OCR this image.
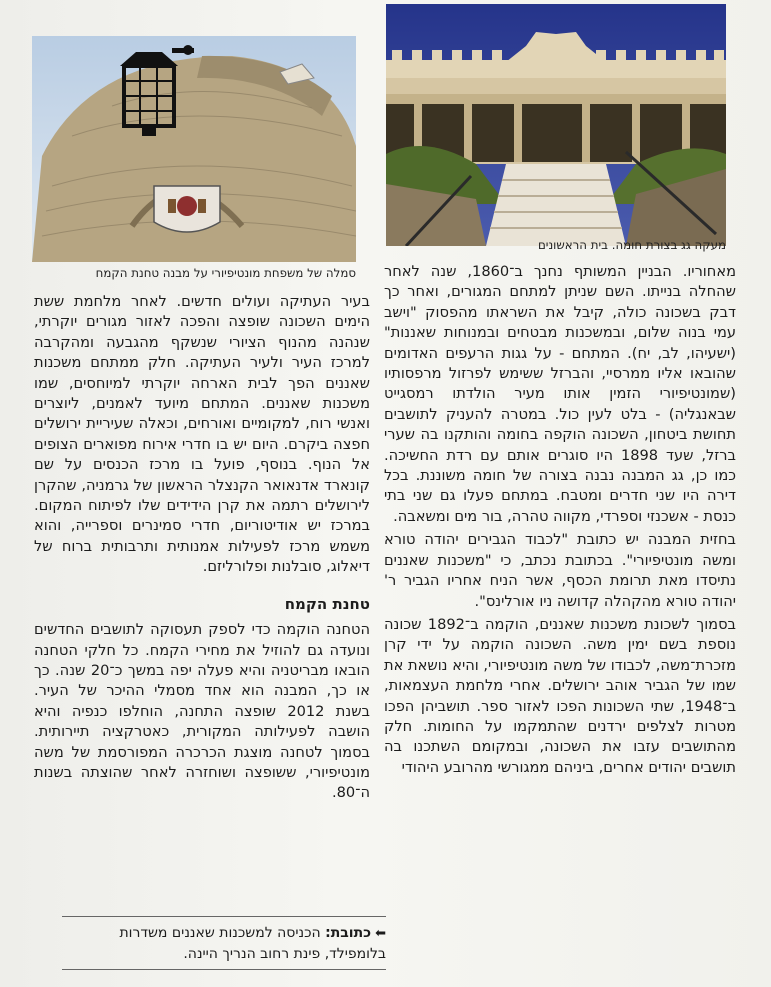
מעקה גג בצורת חומה. בית הראשונים
סמלה של משפחת מונטיפיורי על מבנה טחנת הקמח מאחוריו. הבניין המשותף נחנך ב־1860, שנה לאחר שהחלה בנייתו. השם שניתן למתחם המגורים, ואחר כך דבק בשכונה כולה, קיבל את השראתו מהפסוק "וישב עמי בנוה שלום, ובמשכנות מבטחים ובמנוחות שאננות" (ישעיהו, לב, יח). המתחם - על גגות הרעפים האדומים שהובאו אליו ממרסיי, והברזל ששימש לפרזול מרפסותיו (שמונטיפיורי הזמין אותו מעיר הולדתו רמסגייט שבאנגליה) - בלט לעין כול. במטרה להעניק לתושבים תחושת ביטחון, השכונה הוקפה בחומה והותקנו בה שערי ברזל, שעד 1898 היו סוגרים אותם עם רדת החשיכה. כמו כן, גג המבנה נבנה בצורה של חומה משוננת. בכל דירה היו שני חדרים ומטבח. במתחם פעלו גם שני בתי כנסת - אשכנזי וספרדי, מקווה טהרה, בור מים ומשאבה.

בחזית המבנה יש כתובת "לכבוד הגבירים יהודה טורא ומשה מונטיפיורי". בכתובת נכתב, כי "משכנות שאננים נתיסדו מאת תרומת הכסף, אשר הניח אחריו הגביר ר' יהודה טורא מהקהלה קדושה ניו אורלינס".

בסמוך לשכונת משכנות שאננים, הוקמה ב־1892 שכונה נוספת בשם ימין משה. השכונה הוקמה על ידי קרן מזכרת־משה, לכבודו של משה מונטיפיורי, והיא נושאת את שמו של הגביר אוהב ירושלים. אחרי מלחמת העצמאות, ב־1948, שתי השכונות הפכו לאזור ספר. תושביהן הפכו מטרות לצלפים ירדנים שהתמקמו על החומות. חלק מהתושבים עזבו את השכונה, ובמקומם השתכנו בה תושבים יהודים אחרים, ביניהם ממגורשי מהרובע היהודי

בעיר העתיקה ועולים חדשים. לאחר מלחמת ששת הימים השכונה שופצה והפכה לאזור מגורים יוקרתי, שנהנה מהנוף הציורי שנשקף מהגבעה ומהקרבה למרכז העיר ולעיר העתיקה. חלק ממתחם משכנות שאננים הפך לבית הארחה יוקרתי למיוחסים, שמו משכנות שאננים. המתחם מיועד לאמנים, ליוצרים ואנשי רוח, למקומיים ואורחים, וכאלה שעיריית ירושלים חפצה ביקרם. היום יש בו חדרי אירוח מפוארים הצופים אל הנוף. בנוסף, פועל בו מרכז הכנסים על שם קונארד אדנאואר הקנצלר הראשון של גרמניה, שהקרן לירושלים רתמה את קרן הידידים שלו לפיתוח המקום. במרכז יש אודיטוריום, חדרי סמינרים וספרייה, והוא משמש מרכז לפעילות אמנותית ותרבותית ברוח של דיאלוג, סובלנות ופלורליזם.

טחנת הקמח

הטחנה הוקמה כדי לספק תעסוקה לתושבים החדשים ונועדה גם להוזיל את מחירי הקמח. כל חלקי הטחנה הובאו מבריטניה והיא פעלה יפה במשך כ־20 שנה. כך או כך, המבנה הוא אחד מסמלי ההיכר של העיר. בשנת 2012 שופצה התחנה, הוחלפו כנפיה והיא הושבה לפעילותה המקורית, כאטרקציה תיירותית. בסמוך לטחנה מוצגת הכרכרה המפורסמת של משה מונטיפיורי, ששופצה ושוחזרה לאחר שהוצתה בשנות ה־80.

⬅כתובת: הכניסה למשכנות שאננים משדרות בלומפילד, פינת רחוב הנריך היינה.
